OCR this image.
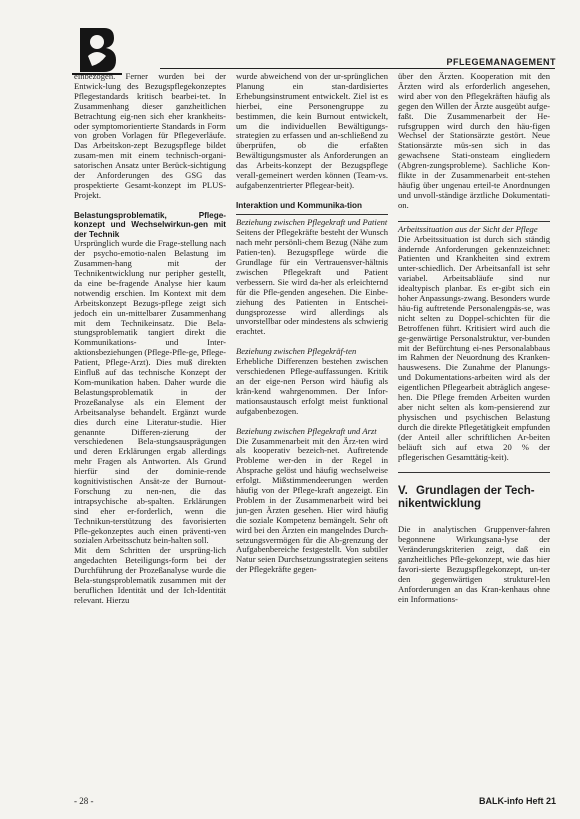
PFLEGEMANAGEMENT

einbezogen. Ferner wurden bei der Entwick-lung des Bezugspflegekonzeptes Pflegestandards kritisch bearbei-tet. In Zusammenhang dieser ganzheitlichen Betrachtung eig-nen sich eher krankheits- oder symptomorientierte Standards in Form von groben Vorlagen für Pflegeverläufe. Das Arbeitskon-zept Bezugspflege bildet zusam-men mit einem technisch-organi-satorischen Ansatz unter Berück-sichtigung der Anforderungen des GSG das prospektierte Gesamt-konzept im PLUS-Projekt.

Belastungsproblematik, Pflege-konzept und Wechselwirkun-gen mit der Technik

Ursprünglich wurde die Frage-stellung nach der psycho-emotio-nalen Belastung im Zusammen-hang mit der Technikentwicklung nur peripher gestellt, da eine be-fragende Analyse hier kaum notwendig erschien. Im Kontext mit dem Arbeitskonzept Bezugs-pflege zeigt sich jedoch ein un-mittelbarer Zusammenhang mit dem Technikeinsatz. Die Bela-stungsproblematik tangiert direkt die Kommunikations- und Inter-aktionsbeziehungen (Pflege-Pfle-ge, Pflege-Patient, Pflege-Arzt). Dies muß direkten Einfluß auf das technische Konzept der Kom-munikation haben. Daher wurde die Belastungsproblematik in der Prozeßanalyse als ein Element der Arbeitsanalyse behandelt. Ergänzt wurde dies durch eine Literatur-studie. Hier genannte Differen-zierung der verschiedenen Bela-stungsausprägungen und deren Erklärungen ergab allerdings mehr Fragen als Antworten. Als Grund hierfür sind der dominie-rende kognitivistischen Ansät-ze der Burnout-Forschung zu nen-nen, die das intrapsychische ab-spalten. Erklärungen sind eher er-forderlich, wenn die Technikun-terstützung des favorisierten Pfle-gekonzeptes auch einen präventi-ven sozialen Arbeitsschutz bein-halten soll.

Mit dem Schritten der ursprüng-lich angedachten Beteiligungs-form bei der Durchführung der Prozeßanalyse wurde die Bela-stungsproblematik zusammen mit der beruflichen Identität und der Ich-Identität relevant. Hierzu

wurde abweichend von der ur-sprünglichen Planung ein stan-dardisiertes Erhebungsinstrument entwickelt. Ziel ist es hierbei, eine Personengruppe zu bestimmen, die kein Burnout entwickelt, um die individuellen Bewältigungs-strategien zu erfassen und an-schließend zu überprüfen, ob die erfaßten Bewältigungsmuster als Anforderungen an das Arbeits-konzept der Bezugspflege verall-gemeinert werden können (Team-vs. aufgabenzentrierter Pflegear-beit).

Interaktion und Kommunika-tion

Beziehung zwischen Pflegekraft und Patient

Seitens der Pflegekräfte besteht der Wunsch nach mehr persönli-chem Bezug (Nähe zum Patien-ten). Bezugspflege würde die Grundlage für ein Vertrauensver-hältnis zwischen Pflegekraft und Patient verbessern. Sie wird da-her als erleichternd für die Pfle-genden angesehen. Die Einbe-ziehung des Patienten in Entschei-dungsprozesse wird allerdings als unvorstellbar oder mindestens als schwierig erachtet.

Beziehung zwischen Pflegekräf-ten

Erhebliche Differenzen bestehen zwischen verschiedenen Pflege-auffassungen. Kritik an der eige-nen Person wird häufig als krän-kend wahrgenommen. Der Infor-mationsaustausch erfolgt meist funktional aufgabenbezogen.

Beziehung zwischen Pflegekraft und Arzt

Die Zusammenarbeit mit den Ärz-ten wird als kooperativ bezeich-net. Auftretende Probleme wer-den in der Regel in Absprache gelöst und häufig wechselweise erfolgt. Mißstimmendeerungen werden häufig von der Pflege-kraft angezeigt. Ein Problem in der Zusammenarbeit wird bei jun-gen Ärzten gesehen. Hier wird häufig die soziale Kompetenz bemängelt. Sehr oft wird bei den Ärzten ein mangelndes Durch-setzungsvermögen für die Ab-grenzung der Aufgabenbereiche festgestellt. Von subtiler Natur seien Durchsetzungsstrategien seitens der Pflegekräfte gegen-

über den Ärzten. Kooperation mit den Ärzten wird als erforderlich angesehen, wird aber von den Pflegekräften häufig als gegen den Willen der Ärzte ausgeübt aufge-faßt. Die Zusammenarbeit der He-rufsgruppen wird durch den häu-figen Wechsel der Stationsärzte gestört. Neue Stationsärzte müs-sen sich in das gewachsene Stati-onsteam eingliedern (Abgren-zungsprobleme). Sachliche Kon-flikte in der Zusammenarbeit ent-stehen häufig über ungenau erteil-te Anordnungen und unvoll-ständige ärztliche Dokumentati-on.

Arbeitssituation aus der Sicht der Pflege

Die Arbeitssituation ist durch sich ständig ändernde Anforderungen gekennzeichnet: Patienten und Krankheiten sind extrem unter-schiedlich. Der Arbeitsanfall ist sehr variabel. Arbeitsabläufe sind nur idealtypisch planbar. Es er-gibt sich ein hoher Anpassungs-zwang. Besonders wurde häu-fig auftretende Personalengpäs-se, was nicht selten zu Doppel-schichten für die Betroffenen führt. Kritisiert wird auch die ge-genwärtige Personalstruktur, ver-bunden mit der Befürchtung ei-nes Personalabbaus im Rahmen der Neuordnung des Kranken-hauswesens. Die Zunahme der Planungs- und Dokumentations-arbeiten wird als der eigentlichen Pflegearbeit abträglich angese-hen. Die Pflege fremden Arbeiten wurden aber nicht selten als kom-pensierend zur physischen und psychischen Belastung durch die direkte Pflegetätigkeit empfunden (der Anteil aller schriftlichen Ar-beiten beläuft sich auf etwa 20 % der pflegerischen Gesamttätig-keit).

V. Grundlagen der Tech-nikentwicklung

Die in analytischen Gruppenver-fahren begonnene Wirkungsana-lyse der Veränderungskriterien zeigt, daß ein ganzheitliches Pfle-gekonzept, wie das hier favori-sierte Bezugspflegekonzept, un-ter den gegenwärtigen strukturel-len Anforderungen an das Kran-kenhaus ohne ein Informations-

- 28 -	BALK-info Heft 21
